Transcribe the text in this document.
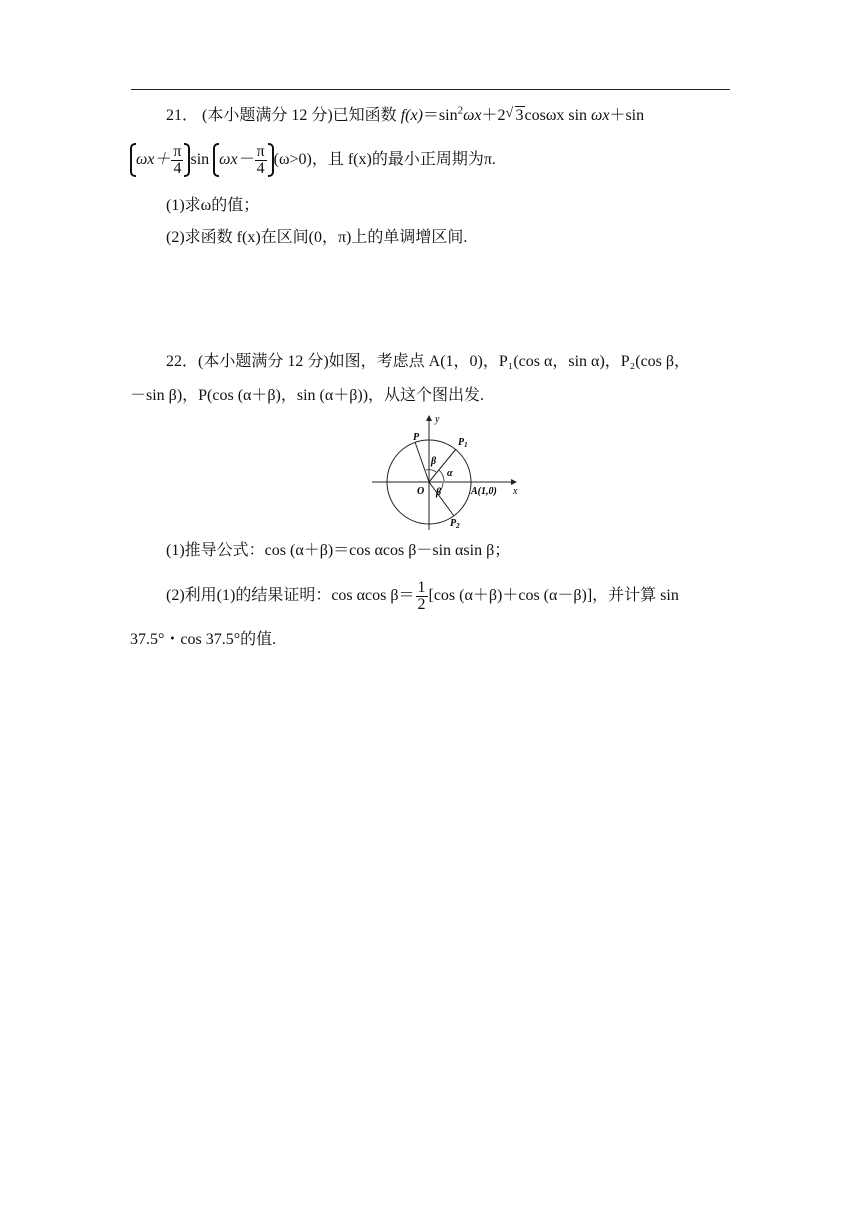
21． (本小题满分 12 分)已知函数 $f(x)=\sin^2\omega x+2$ √ 3cosωx sin ωx＋sin
$\omega x+ \frac{\pi}{4}$ $\sin \omega x- \frac{\pi}{4} (\omega>0)$，且 f(x)的最小正周期为π.
(1)求ω的值；
(2)求函数 f(x)在区间(0，π)上的单调增区间.
22．(本小题满分 12 分)如图，考虑点 A(1，0)，P₁(cos α，sin α)，P₂(cos β，
－sin β)，P(cos (α＋β)，sin (α＋β))，从这个图出发.
y
x
O
P	$P_1$
$P_2$
β
α
β	A(1,0)
(1)推导公式：cos (α＋β)＝cos αcos β－sin αsin β；
(2)利用(1)的结果证明：cos αcos $\beta= \frac{1}{2} [\cos$ (α＋β)＋cos (α－β)]，并计算 sin
37.5°・cos 37.5°的值.
